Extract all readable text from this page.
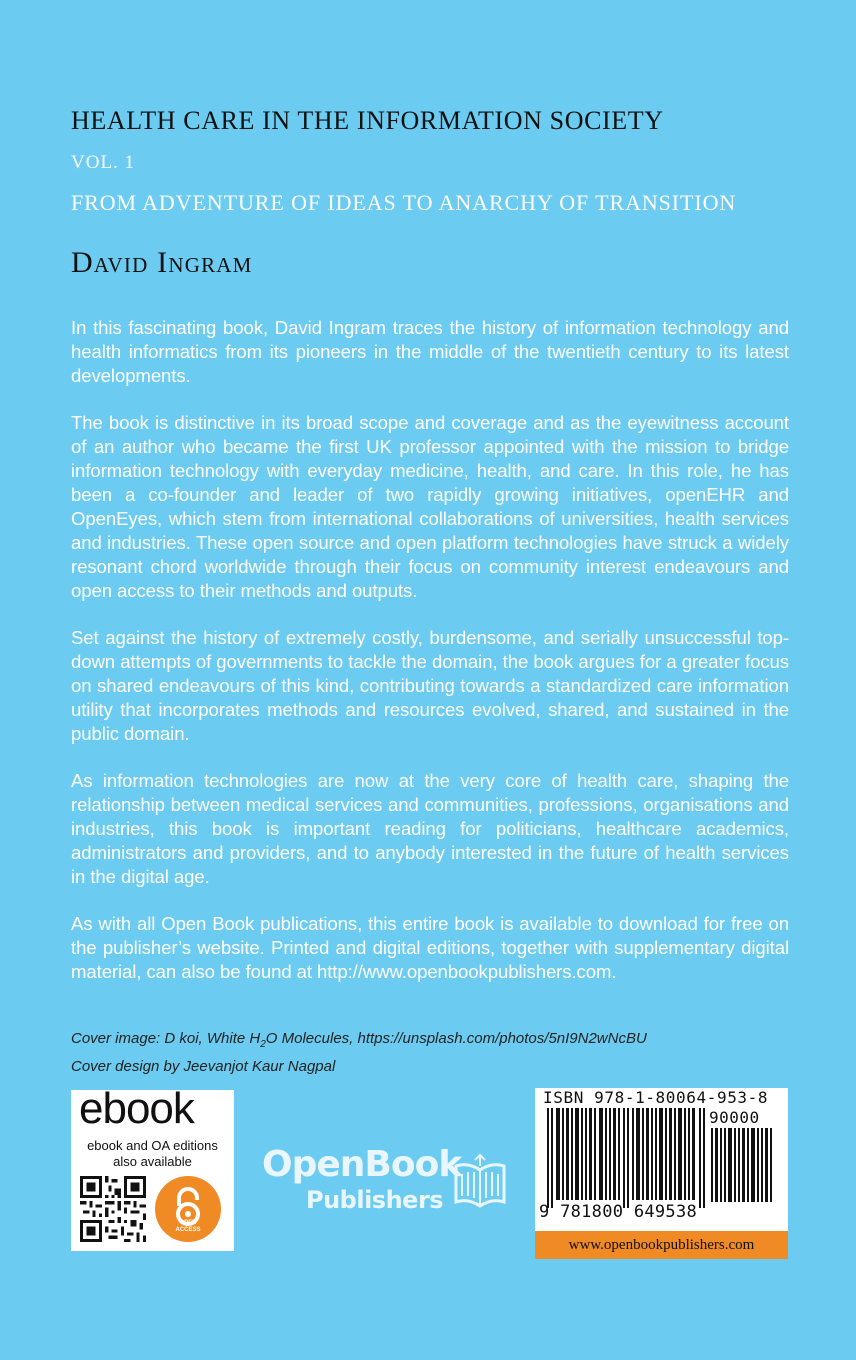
HEALTH CARE IN THE INFORMATION SOCIETY
VOL. 1
FROM ADVENTURE OF IDEAS TO ANARCHY OF TRANSITION
David Ingram

In this fascinating book, David Ingram traces the history of information technology and health informatics from its pioneers in the middle of the twentieth century to its latest developments.

The book is distinctive in its broad scope and coverage and as the eyewitness account of an author who became the first UK professor appointed with the mission to bridge information technology with everyday medicine, health, and care. In this role, he has been a co-founder and leader of two rapidly growing initiatives, openEHR and OpenEyes, which stem from international collaborations of universities, health services and industries. These open source and open platform technologies have struck a widely resonant chord worldwide through their focus on community interest endeavours and open access to their methods and outputs.

Set against the history of extremely costly, burdensome, and serially unsuccessful top-down attempts of governments to tackle the domain, the book argues for a greater focus on shared endeavours of this kind, contributing towards a standardized care information utility that incorporates methods and resources evolved, shared, and sustained in the public domain.

As information technologies are now at the very core of health care, shaping the relationship between medical services and communities, professions, organisations and industries, this book is important reading for politicians, healthcare academics, administrators and providers, and to anybody interested in the future of health services in the digital age.

As with all Open Book publications, this entire book is available to download for free on the publisher’s website. Printed and digital editions, together with supplementary digital material, can also be found at http://www.openbookpublishers.com.

Cover image: D koi, White $H_2O$ Molecules, https://unsplash.com/photos/5nI9N2wNcBU
Cover design by Jeevanjot Kaur Nagpal
ebook
ebook and OA editions
also available
OPEN
ACCESS
OpenBook
Publishers
ISBN 978-1-80064-953-8
90000
9 781800 649538
www.openbookpublishers.com
